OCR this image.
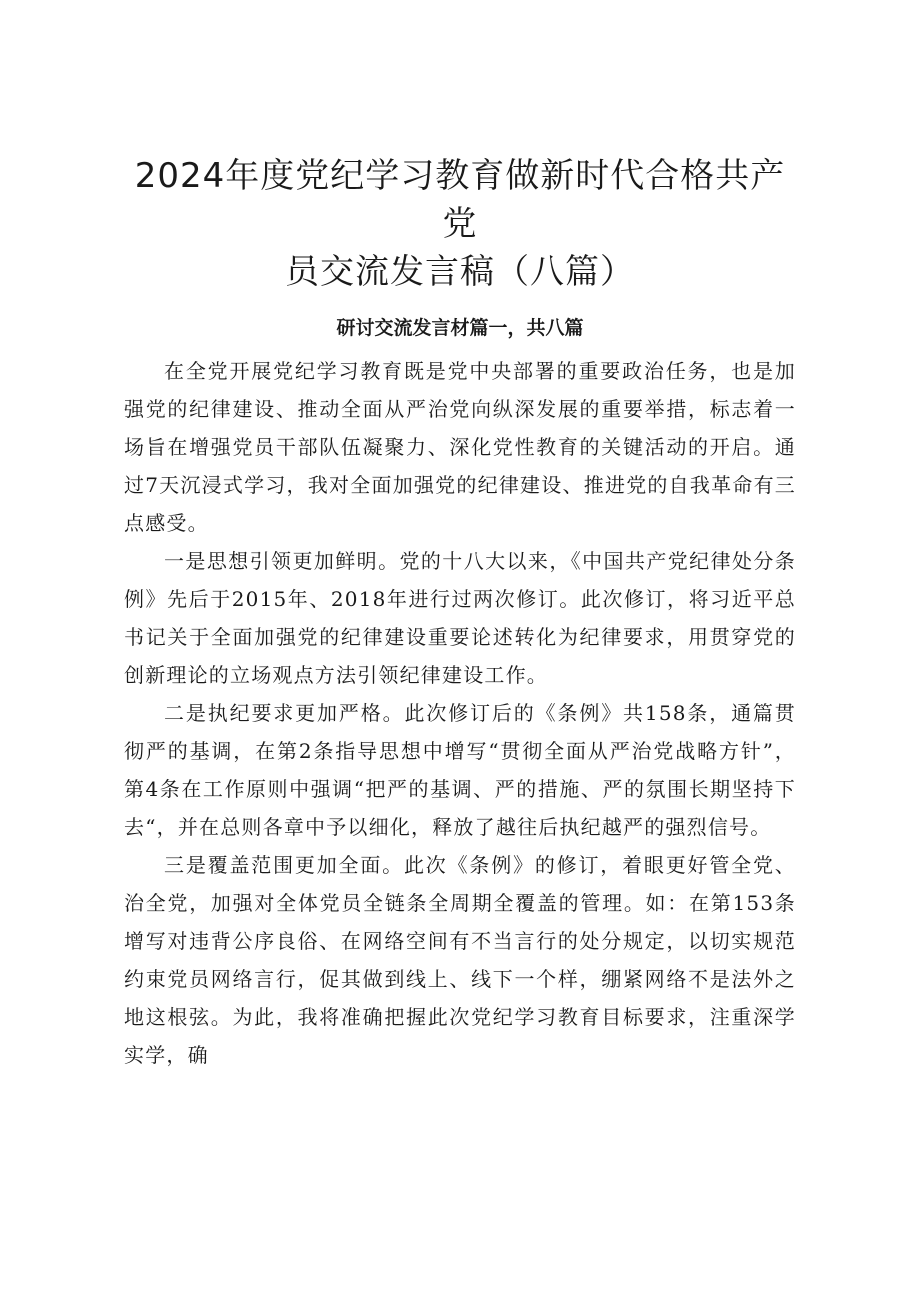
2024年度党纪学习教育做新时代合格共产党
员交流发言稿（八篇）

研讨交流发言材篇一，共八篇

在全党开展党纪学习教育既是党中央部署的重要政治任务，也是加强党的纪律建设、推动全面从严治党向纵深发展的重要举措，标志着一场旨在增强党员干部队伍凝聚力、深化党性教育的关键活动的开启。通过7天沉浸式学习，我对全面加强党的纪律建设、推进党的自我革命有三点感受。

一是思想引领更加鲜明。党的十八大以来，《中国共产党纪律处分条例》先后于2015年、2018年进行过两次修订。此次修订，将习近平总书记关于全面加强党的纪律建设重要论述转化为纪律要求，用贯穿党的创新理论的立场观点方法引领纪律建设工作。

二是执纪要求更加严格。此次修订后的《条例》共158条，通篇贯彻严的基调，在第2条指导思想中增写“贯彻全面从严治党战略方针”，第4条在工作原则中强调“把严的基调、严的措施、严的氛围长期坚持下去“，并在总则各章中予以细化，释放了越往后执纪越严的强烈信号。

三是覆盖范围更加全面。此次《条例》的修订，着眼更好管全党、治全党，加强对全体党员全链条全周期全覆盖的管理。如：在第153条增写对违背公序良俗、在网络空间有不当言行的处分规定，以切实规范约束党员网络言行，促其做到线上、线下一个样，绷紧网络不是法外之地这根弦。为此，我将准确把握此次党纪学习教育目标要求，注重深学实学，确
